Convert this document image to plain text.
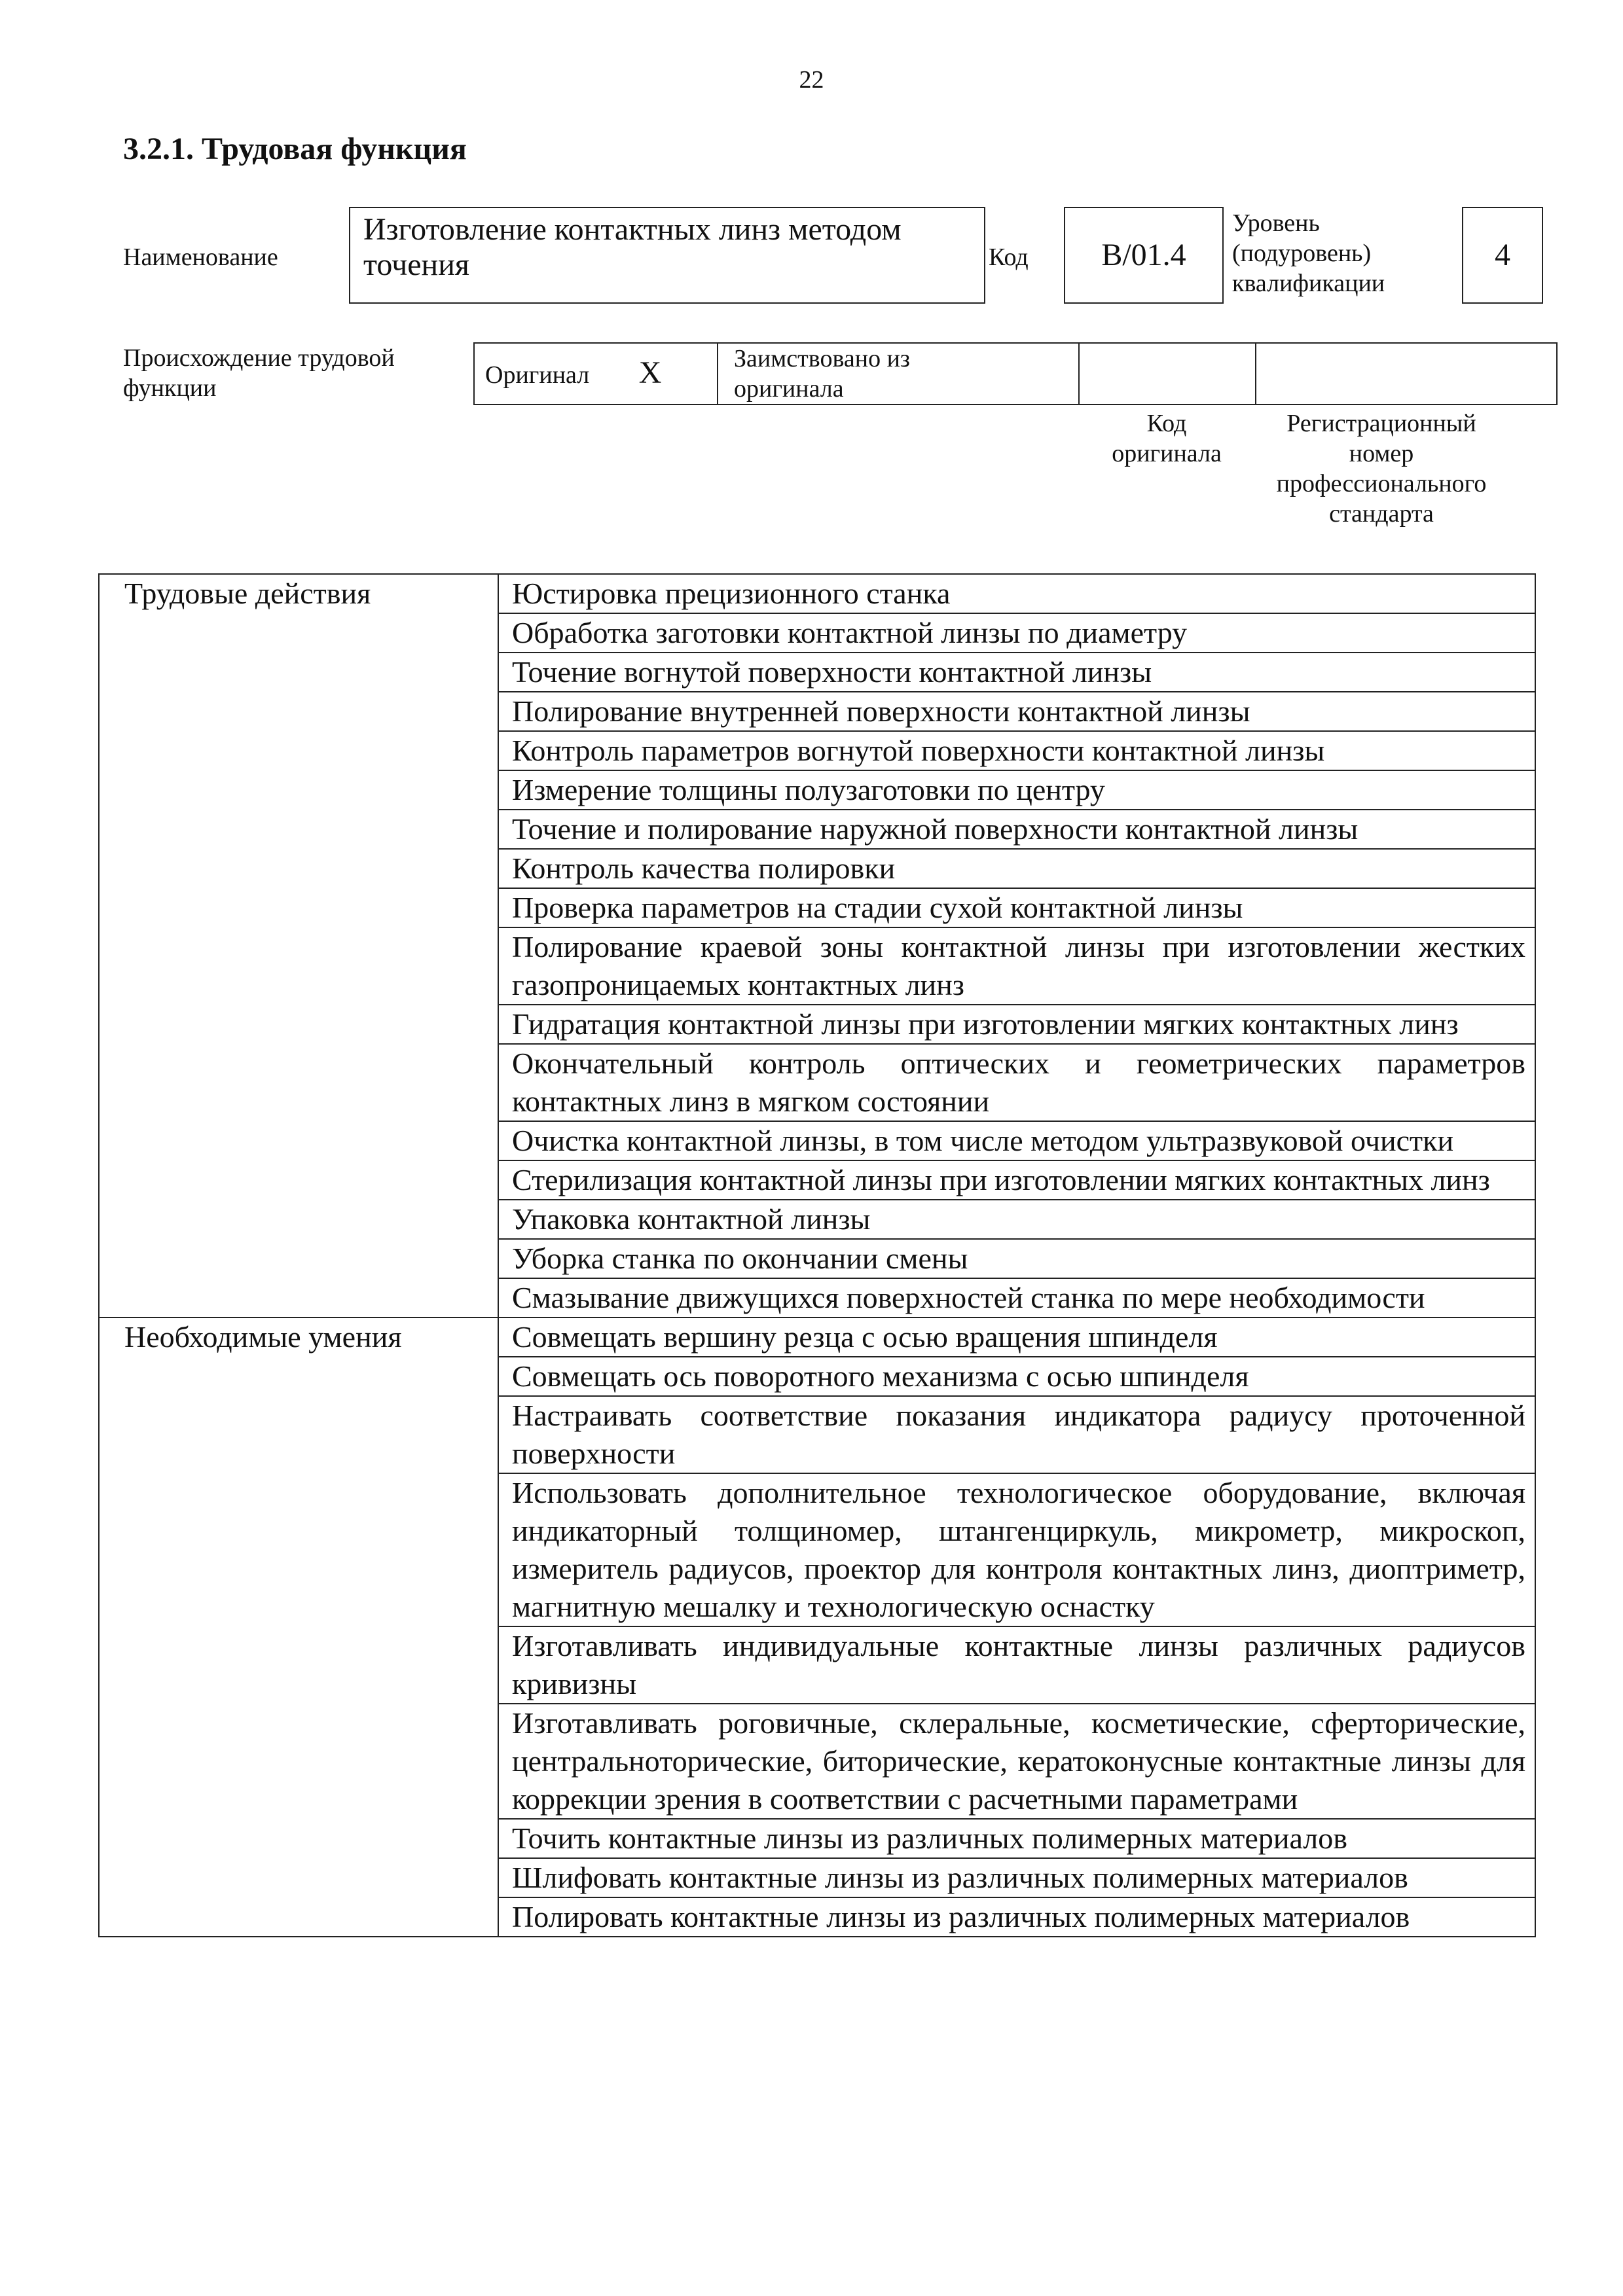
22
3.2.1. Трудовая функция
Наименование
Изготовление контактных линз методом
точения	Код B/01.4
Уровень
(подуровень)
квалификации
4
Происхождение трудовой
функции	Оригинал X	Заимствовано из
оригинала

Код
оригинала
Регистрационный
номер
профессионального
стандарта
Трудовые действия	Юстировка прецизионного станка
	Обработка заготовки контактной линзы по диаметру
	Точение вогнутой поверхности контактной линзы
	Полирование внутренней поверхности контактной линзы
	Контроль параметров вогнутой поверхности контактной линзы
	Измерение толщины полузаготовки по центру
	Точение и полирование наружной поверхности контактной линзы
	Контроль качества полировки
	Проверка параметров на стадии сухой контактной линзы
	Полирование краевой зоны контактной линзы при изготовлении жестких газопроницаемых контактных линз
	Гидратация контактной линзы при изготовлении мягких контактных линз
	Окончательный контроль оптических и геометрических параметров контактных линз в мягком состоянии
	Очистка контактной линзы, в том числе методом ультразвуковой очистки
	Стерилизация контактной линзы при изготовлении мягких контактных линз
	Упаковка контактной линзы
	Уборка станка по окончании смены
	Смазывание движущихся поверхностей станка по мере необходимости
Необходимые умения	Совмещать вершину резца с осью вращения шпинделя
	Совмещать ось поворотного механизма с осью шпинделя
	Настраивать соответствие показания индикатора радиусу проточенной поверхности
	Использовать дополнительное технологическое оборудование, включая индикаторный толщиномер, штангенциркуль, микрометр, микроскоп, измеритель радиусов, проектор для контроля контактных линз, диоптриметр, магнитную мешалку и технологическую оснастку
	Изготавливать индивидуальные контактные линзы различных радиусов кривизны
	Изготавливать роговичные, склеральные, косметические, сферторические, центральноторические, биторические, кератоконусные контактные линзы для коррекции зрения в соответствии с расчетными параметрами
	Точить контактные линзы из различных полимерных материалов
	Шлифовать контактные линзы из различных полимерных материалов
	Полировать контактные линзы из различных полимерных материалов
